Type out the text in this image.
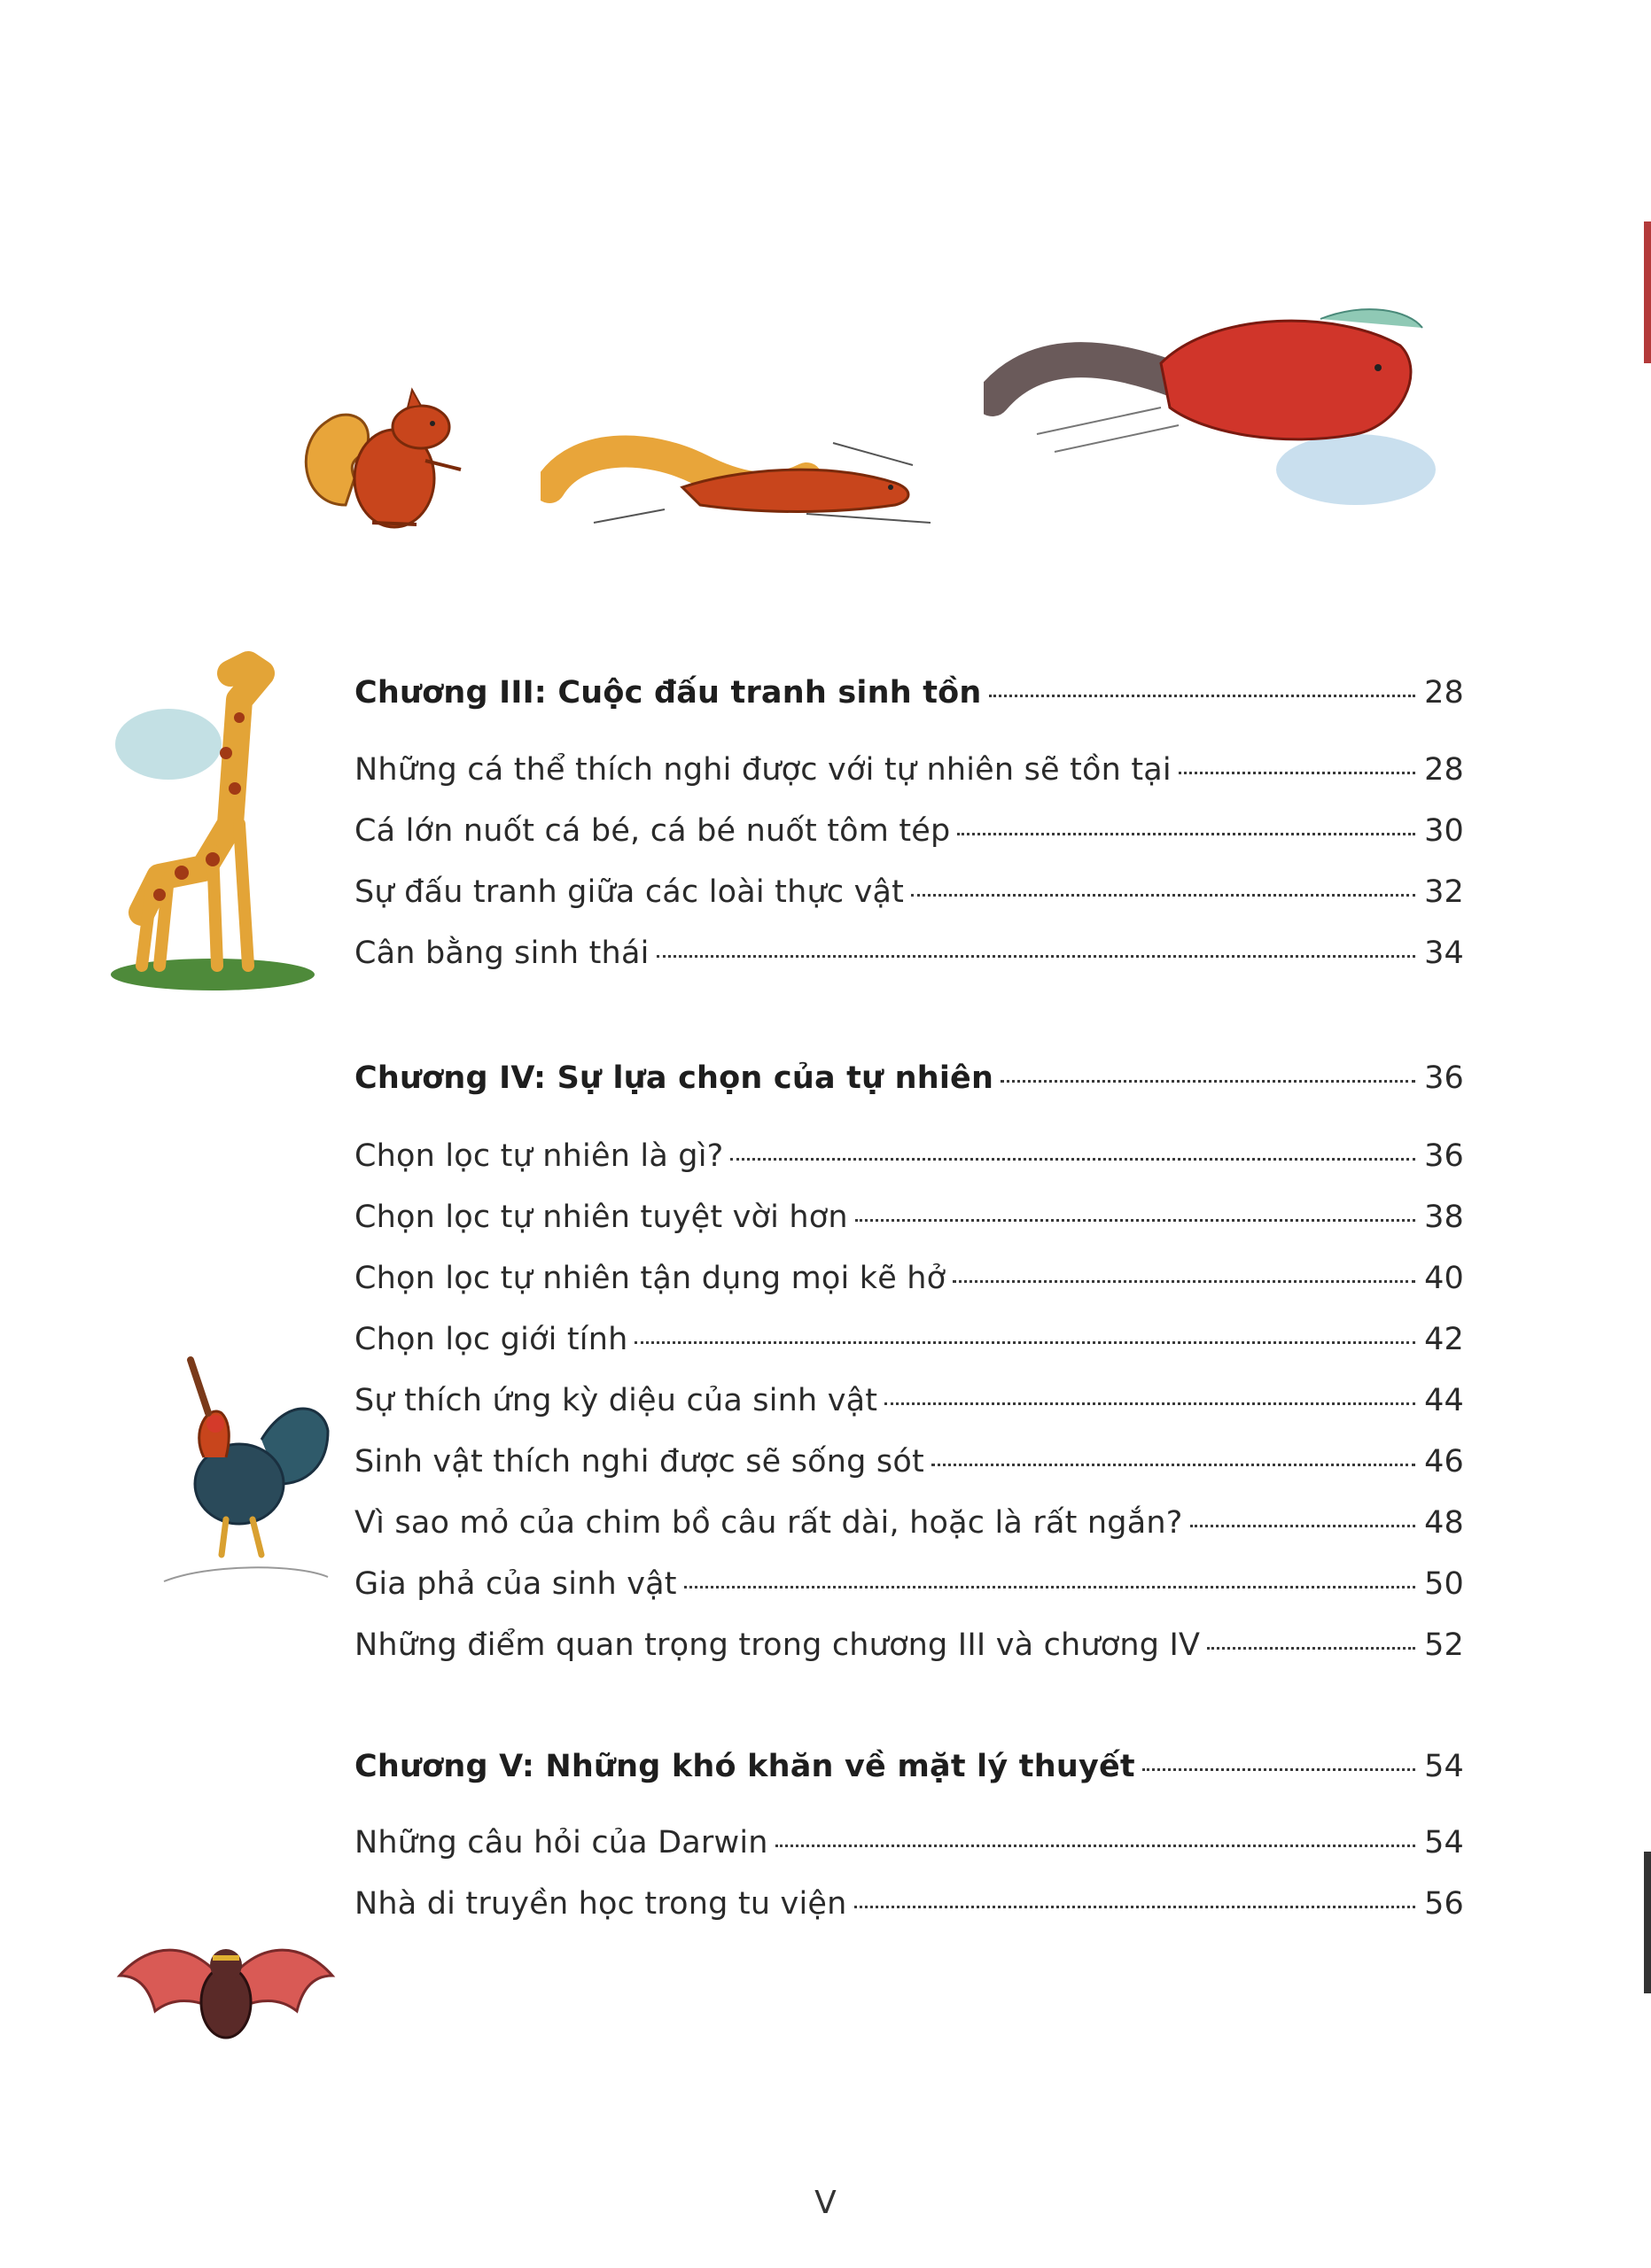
Chương III: Cuộc đấu tranh sinh tồn	28
Những cá thể thích nghi được với tự nhiên sẽ tồn tại	28
Cá lớn nuốt cá bé, cá bé nuốt tôm tép	30
Sự đấu tranh giữa các loài thực vật	32
Cân bằng sinh thái	34
Chương IV: Sự lựa chọn của tự nhiên	36
Chọn lọc tự nhiên là gì?	36
Chọn lọc tự nhiên tuyệt vời hơn	38
Chọn lọc tự nhiên tận dụng mọi kẽ hở	40
Chọn lọc giới tính	42
Sự thích ứng kỳ diệu của sinh vật	44
Sinh vật thích nghi được sẽ sống sót	46
Vì sao mỏ của chim bồ câu rất dài, hoặc là rất ngắn?	48
Gia phả của sinh vật	50
Những điểm quan trọng trong chương III và chương IV	52
Chương V: Những khó khăn về mặt lý thuyết	54
Những câu hỏi của Darwin	54
Nhà di truyền học trong tu viện	56
V
